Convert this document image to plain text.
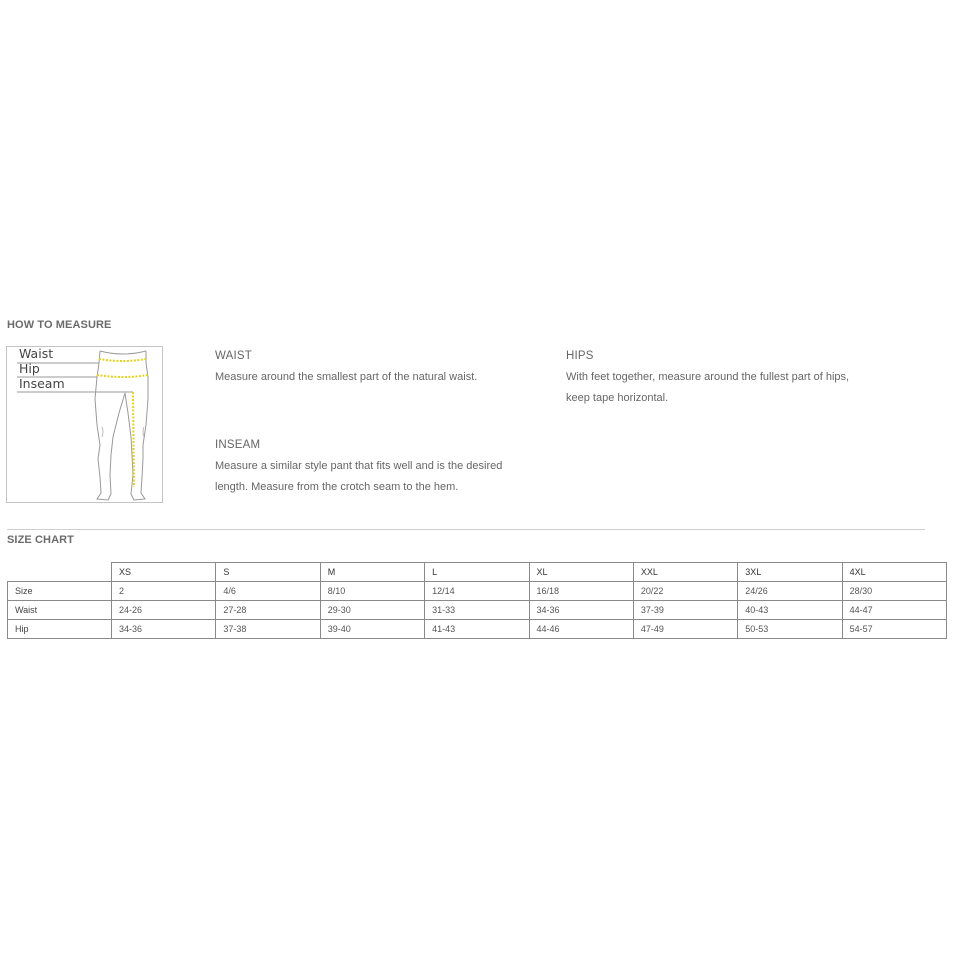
HOW TO MEASURE
Waist
Hip
Inseam
WAIST
Measure around the smallest part of the natural waist.
HIPS
With feet together, measure around the fullest part of hips,
keep tape horizontal.
INSEAM
Measure a similar style pant that fits well and is the desired
length. Measure from the crotch seam to the hem.
SIZE CHART
	XS	S	M	L	XL	XXL	3XL	4XL
Size	2	4/6	8/10	12/14	16/18	20/22	24/26	28/30
Waist	24-26	27-28	29-30	31-33	34-36	37-39	40-43	44-47
Hip	34-36	37-38	39-40	41-43	44-46	47-49	50-53	54-57
